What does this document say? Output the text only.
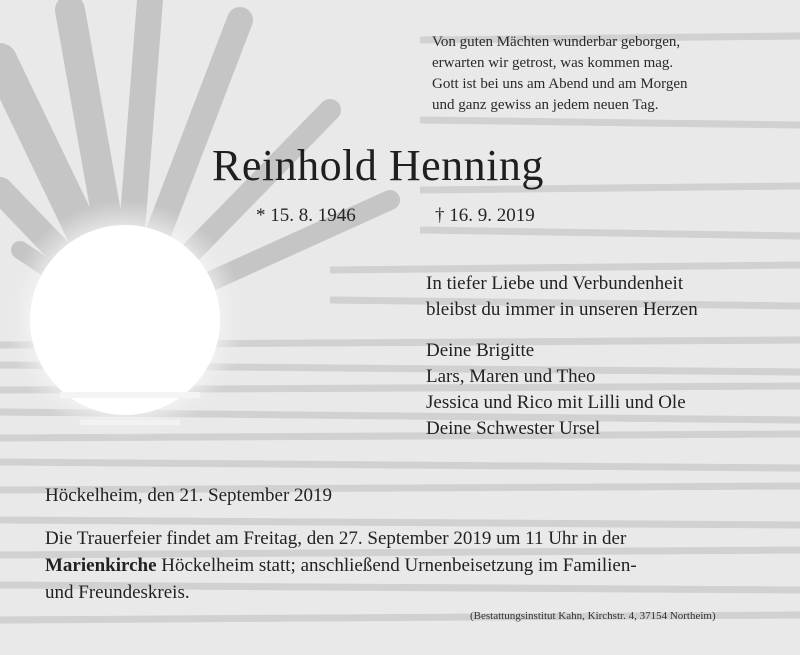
Von guten Mächten wunderbar geborgen,
erwarten wir getrost, was kommen mag.
Gott ist bei uns am Abend und am Morgen
und ganz gewiss an jedem neuen Tag.
Reinhold Henning
* 15. 8. 1946	† 16. 9. 2019
In tiefer Liebe und Verbundenheit
bleibst du immer in unseren Herzen
Deine Brigitte
Lars, Maren und Theo
Jessica und Rico mit Lilli und Ole
Deine Schwester Ursel
Höckelheim, den 21. September 2019
Die Trauerfeier findet am Freitag, den 27. September 2019 um 11 Uhr in der
Marienkirche Höckelheim statt; anschließend Urnenbeisetzung im Familien-
und Freundeskreis.
(Bestattungsinstitut Kahn, Kirchstr. 4, 37154 Northeim)
